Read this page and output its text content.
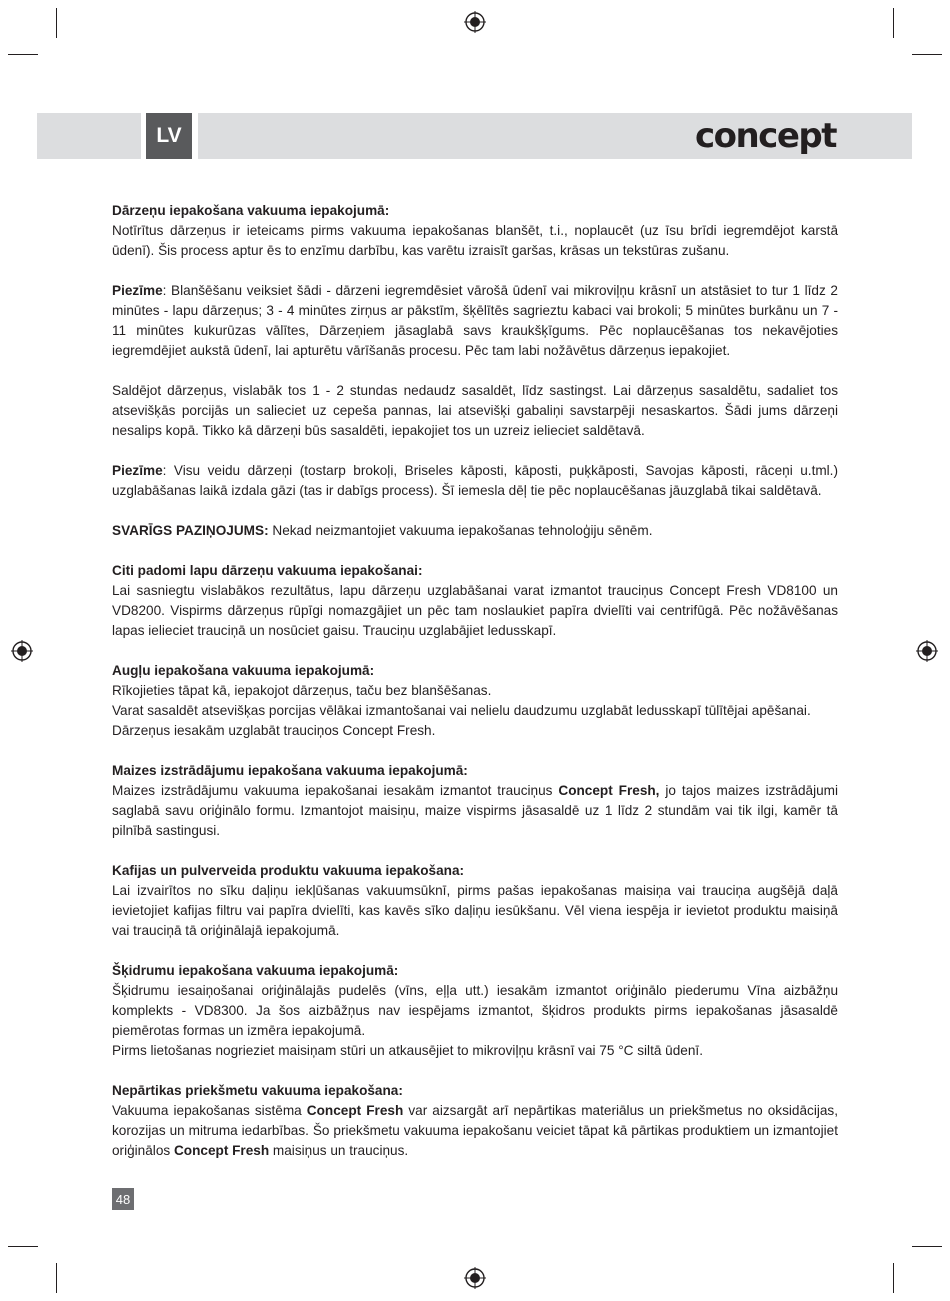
LV	concept

Dārzeņu iepakošana vakuuma iepakojumā:
Notīrītus dārzeņus ir ieteicams pirms vakuuma iepakošanas blanšēt, t.i., noplaucēt (uz īsu brīdi iegremdējot karstā ūdenī). Šis process aptur ēs to enzīmu darbību, kas varētu izraisīt garšas, krāsas un tekstūras zušanu.

Piezīme: Blanšēšanu veiksiet šādi - dārzeni iegremdēsiet vārošā ūdenī vai mikroviļņu krāsnī un atstāsiet to tur 1 līdz 2 minūtes - lapu dārzeņus; 3 - 4 minūtes zirņus ar pākstīm, šķēlītēs sagrieztu kabaci vai brokoli; 5 minūtes burkānu un 7 - 11 minūtes kukurūzas vālītes, Dārzeņiem jāsaglabā savs kraukšķīgums. Pēc noplaucēšanas tos nekavējoties iegremdējiet aukstā ūdenī, lai apturētu vārīšanās procesu. Pēc tam labi nožāvētus dārzeņus iepakojiet.

Saldējot dārzeņus, vislabāk tos 1 - 2 stundas nedaudz sasaldēt, līdz sastingst. Lai dārzeņus sasaldētu, sadaliet tos atsevišķās porcijās un salieciet uz cepeša pannas, lai atsevišķi gabaliņi savstarpēji nesaskartos. Šādi jums dārzeņi nesalips kopā. Tikko kā dārzeņi būs sasaldēti, iepakojiet tos un uzreiz ielieciet saldētavā.

Piezīme: Visu veidu dārzeņi (tostarp brokoļi, Briseles kāposti, kāposti, puķkāposti, Savojas kāposti, rāceņi u.tml.) uzglabāšanas laikā izdala gāzi (tas ir dabīgs process). Šī iemesla dēļ tie pēc noplaucēšanas jāuzglabā tikai saldētavā.

SVARĪGS PAZIŅOJUMS: Nekad neizmantojiet vakuuma iepakošanas tehnoloģiju sēnēm.

Citi padomi lapu dārzeņu vakuuma iepakošanai:
Lai sasniegtu vislabākos rezultātus, lapu dārzeņu uzglabāšanai varat izmantot trauciņus Concept Fresh VD8100 un VD8200. Vispirms dārzeņus rūpīgi nomazgājiet un pēc tam noslaukiet papīra dvielīti vai centrifūgā. Pēc nožāvēšanas lapas ielieciet trauciņā un nosūciet gaisu. Trauciņu uzglabājiet ledusskapī.

Augļu iepakošana vakuuma iepakojumā:
Rīkojieties tāpat kā, iepakojot dārzeņus, taču bez blanšēšanas.
Varat sasaldēt atsevišķas porcijas vēlākai izmantošanai vai nelielu daudzumu uzglabāt ledusskapī tūlītējai apēšanai.
Dārzeņus iesakām uzglabāt trauciņos Concept Fresh.

Maizes izstrādājumu iepakošana vakuuma iepakojumā:
Maizes izstrādājumu vakuuma iepakošanai iesakām izmantot trauciņus Concept Fresh, jo tajos maizes izstrādājumi saglabā savu oriģinālo formu. Izmantojot maisiņu, maize vispirms jāsasaldē uz 1 līdz 2 stundām vai tik ilgi, kamēr tā pilnībā sastingusi.

Kafijas un pulverveida produktu vakuuma iepakošana:
Lai izvairītos no sīku daļiņu iekļūšanas vakuumsūknī, pirms pašas iepakošanas maisiņa vai trauciņa augšējā daļā ievietojiet kafijas filtru vai papīra dvielīti, kas kavēs sīko daļiņu iesūkšanu. Vēl viena iespēja ir ievietot produktu maisiņā vai trauciņā tā oriģinālajā iepakojumā.

Šķidrumu iepakošana vakuuma iepakojumā:
Šķidrumu iesaiņošanai oriģinālajās pudelēs (vīns, eļļa utt.) iesakām izmantot oriģinālo piederumu Vīna aizbāžņu komplekts - VD8300. Ja šos aizbāžņus nav iespējams izmantot, šķidros produkts pirms iepakošanas jāsasaldē piemērotas formas un izmēra iepakojumā.
Pirms lietošanas nogrieziet maisiņam stūri un atkausējiet to mikroviļņu krāsnī vai 75 °C siltā ūdenī.

Nepārtikas priekšmetu vakuuma iepakošana:
Vakuuma iepakošanas sistēma Concept Fresh var aizsargāt arī nepārtikas materiālus un priekšmetus no oksidācijas, korozijas un mitruma iedarbības. Šo priekšmetu vakuuma iepakošanu veiciet tāpat kā pārtikas produktiem un izmantojiet oriģinālos Concept Fresh maisiņus un trauciņus.

48
